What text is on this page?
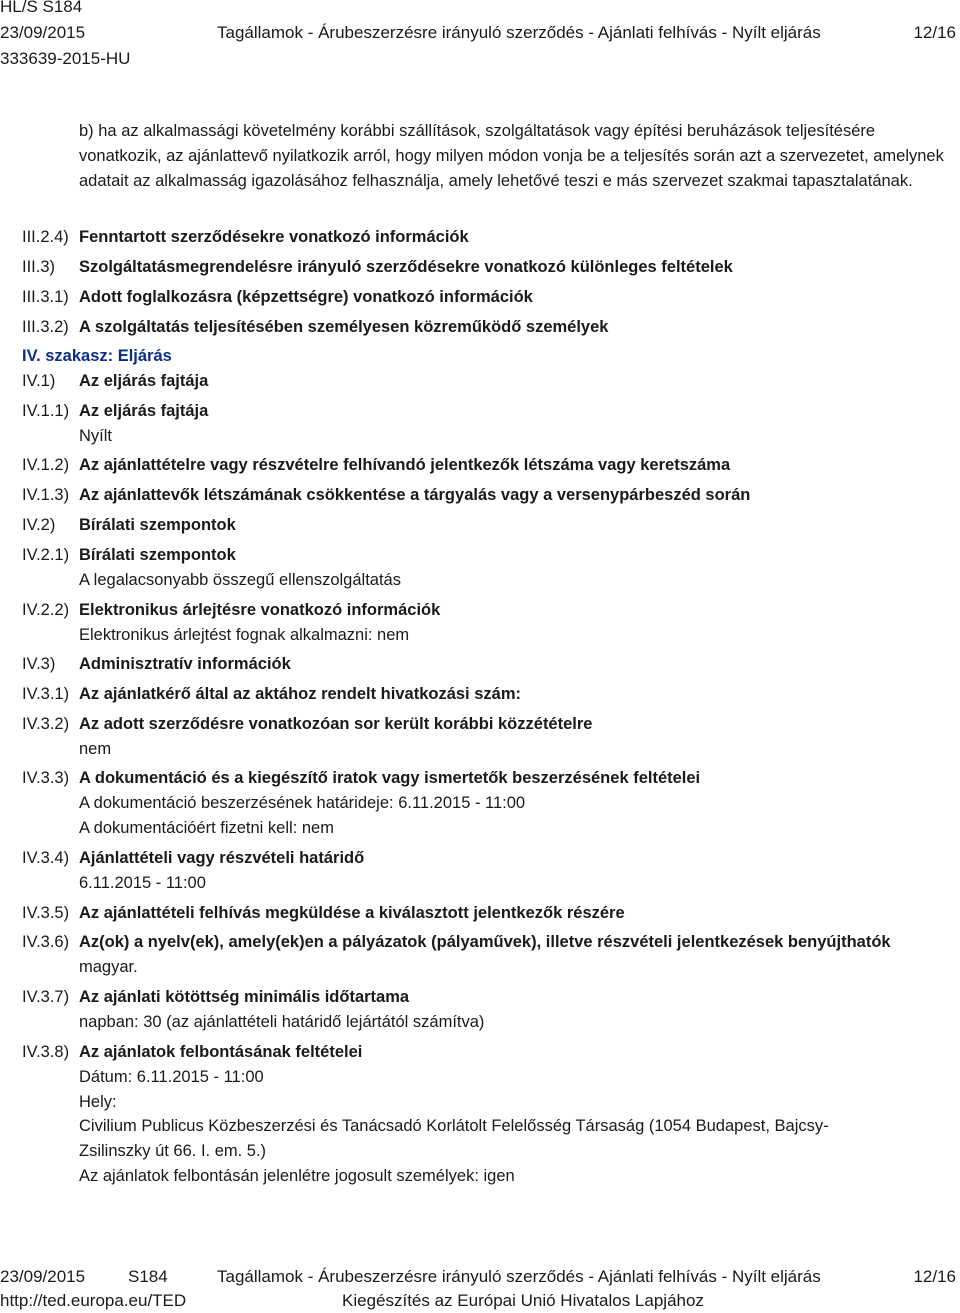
HL/S S184
23/09/2015	Tagállamok - Árubeszerzésre irányuló szerződés - Ajánlati felhívás - Nyílt eljárás	12/16
333639-2015-HU
b) ha az alkalmassági követelmény korábbi szállítások, szolgáltatások vagy építési beruházások teljesítésére vonatkozik, az ajánlattevő nyilatkozik arról, hogy milyen módon vonja be a teljesítés során azt a szervezetet, amelynek adatait az alkalmasság igazolásához felhasználja, amely lehetővé teszi e más szervezet szakmai tapasztalatának.
III.2.4) Fenntartott szerződésekre vonatkozó információk
III.3) Szolgáltatásmegrendelésre irányuló szerződésekre vonatkozó különleges feltételek
III.3.1) Adott foglalkozásra (képzettségre) vonatkozó információk
III.3.2) A szolgáltatás teljesítésében személyesen közreműködő személyek
IV. szakasz: Eljárás
IV.1) Az eljárás fajtája
IV.1.1) Az eljárás fajtája
Nyílt
IV.1.2) Az ajánlattételre vagy részvételre felhívandó jelentkezők létszáma vagy keretszáma
IV.1.3) Az ajánlattevők létszámának csökkentése a tárgyalás vagy a versenypárbeszéd során
IV.2) Bírálati szempontok
IV.2.1) Bírálati szempontok
A legalacsonyabb összegű ellenszolgáltatás
IV.2.2) Elektronikus árlejtésre vonatkozó információk
Elektronikus árlejtést fognak alkalmazni: nem
IV.3) Adminisztratív információk
IV.3.1) Az ajánlatkérő által az aktához rendelt hivatkozási szám:
IV.3.2) Az adott szerződésre vonatkozóan sor került korábbi közzétételre
nem
IV.3.3) A dokumentáció és a kiegészítő iratok vagy ismertetők beszerzésének feltételei
A dokumentáció beszerzésének határideje: 6.11.2015 - 11:00
A dokumentációért fizetni kell: nem
IV.3.4) Ajánlattételi vagy részvételi határidő
6.11.2015 - 11:00
IV.3.5) Az ajánlattételi felhívás megküldése a kiválasztott jelentkezők részére
IV.3.6) Az(ok) a nyelv(ek), amely(ek)en a pályázatok (pályaművek), illetve részvételi jelentkezések benyújthatók
magyar.
IV.3.7) Az ajánlati kötöttség minimális időtartama
napban: 30 (az ajánlattételi határidő lejártától számítva)
IV.3.8) Az ajánlatok felbontásának feltételei
Dátum: 6.11.2015 - 11:00
Hely:
Civilium Publicus Közbeszerzési és Tanácsadó Korlátolt Felelősség Társaság (1054 Budapest, Bajcsy-
Zsilinszky út 66. I. em. 5.)
Az ajánlatok felbontásán jelenlétre jogosult személyek: igen
23/09/2015	S184	Tagállamok - Árubeszerzésre irányuló szerződés - Ajánlati felhívás - Nyílt eljárás	12/16
http://ted.europa.eu/TED	Kiegészítés az Európai Unió Hivatalos Lapjához
